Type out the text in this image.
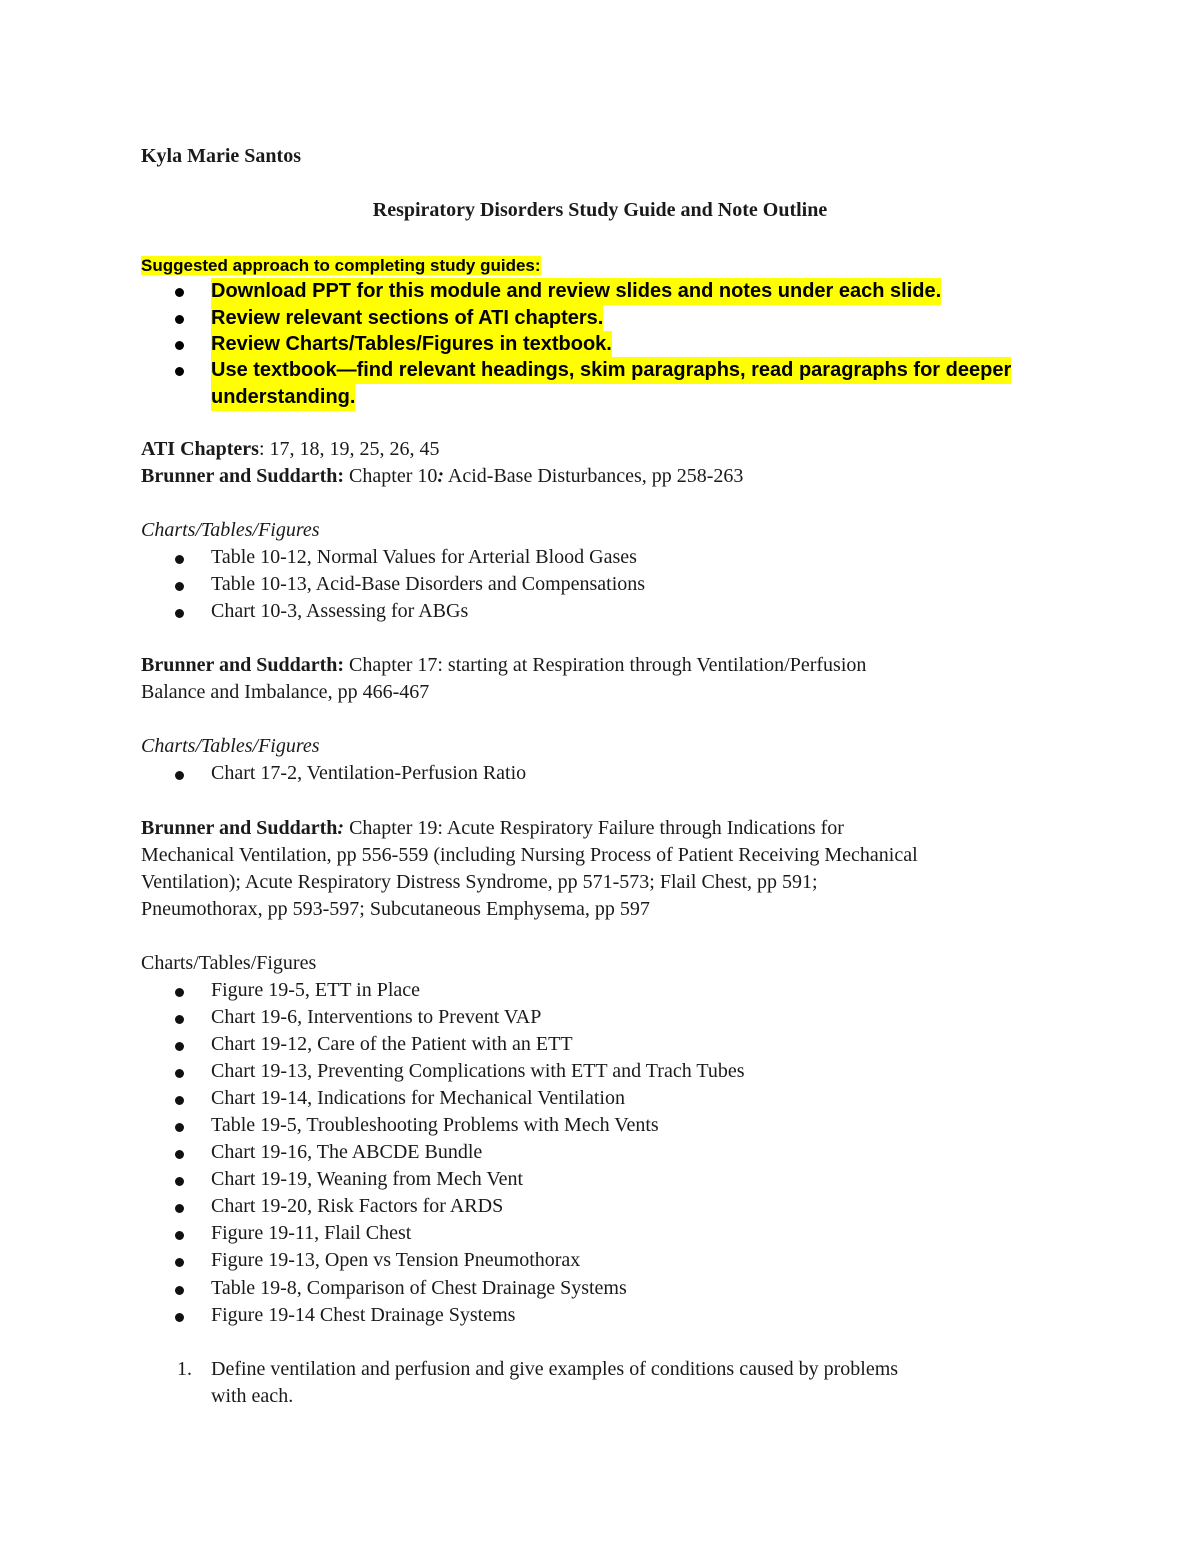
Kyla Marie Santos
Respiratory Disorders Study Guide and Note Outline
Suggested approach to completing study guides:
Download PPT for this module and review slides and notes under each slide.
Review relevant sections of ATI chapters.
Review Charts/Tables/Figures in textbook.
Use textbook—find relevant headings, skim paragraphs, read paragraphs for deeper
understanding.
ATI Chapters: 17, 18, 19, 25, 26, 45
Brunner and Suddarth: Chapter 10: Acid-Base Disturbances, pp 258-263
Charts/Tables/Figures
Table 10-12, Normal Values for Arterial Blood Gases
Table 10-13, Acid-Base Disorders and Compensations
Chart 10-3, Assessing for ABGs
Brunner and Suddarth: Chapter 17: starting at Respiration through Ventilation/Perfusion
Balance and Imbalance, pp 466-467
Charts/Tables/Figures
Chart 17-2, Ventilation-Perfusion Ratio
Brunner and Suddarth: Chapter 19: Acute Respiratory Failure through Indications for
Mechanical Ventilation, pp 556-559 (including Nursing Process of Patient Receiving Mechanical
Ventilation); Acute Respiratory Distress Syndrome, pp 571-573; Flail Chest, pp 591;
Pneumothorax, pp 593-597; Subcutaneous Emphysema, pp 597
Charts/Tables/Figures
Figure 19-5, ETT in Place
Chart 19-6, Interventions to Prevent VAP
Chart 19-12, Care of the Patient with an ETT
Chart 19-13, Preventing Complications with ETT and Trach Tubes
Chart 19-14, Indications for Mechanical Ventilation
Table 19-5, Troubleshooting Problems with Mech Vents
Chart 19-16, The ABCDE Bundle
Chart 19-19, Weaning from Mech Vent
Chart 19-20, Risk Factors for ARDS
Figure 19-11, Flail Chest
Figure 19-13, Open vs Tension Pneumothorax
Table 19-8, Comparison of Chest Drainage Systems
Figure 19-14 Chest Drainage Systems
1. Define ventilation and perfusion and give examples of conditions caused by problems
with each.
